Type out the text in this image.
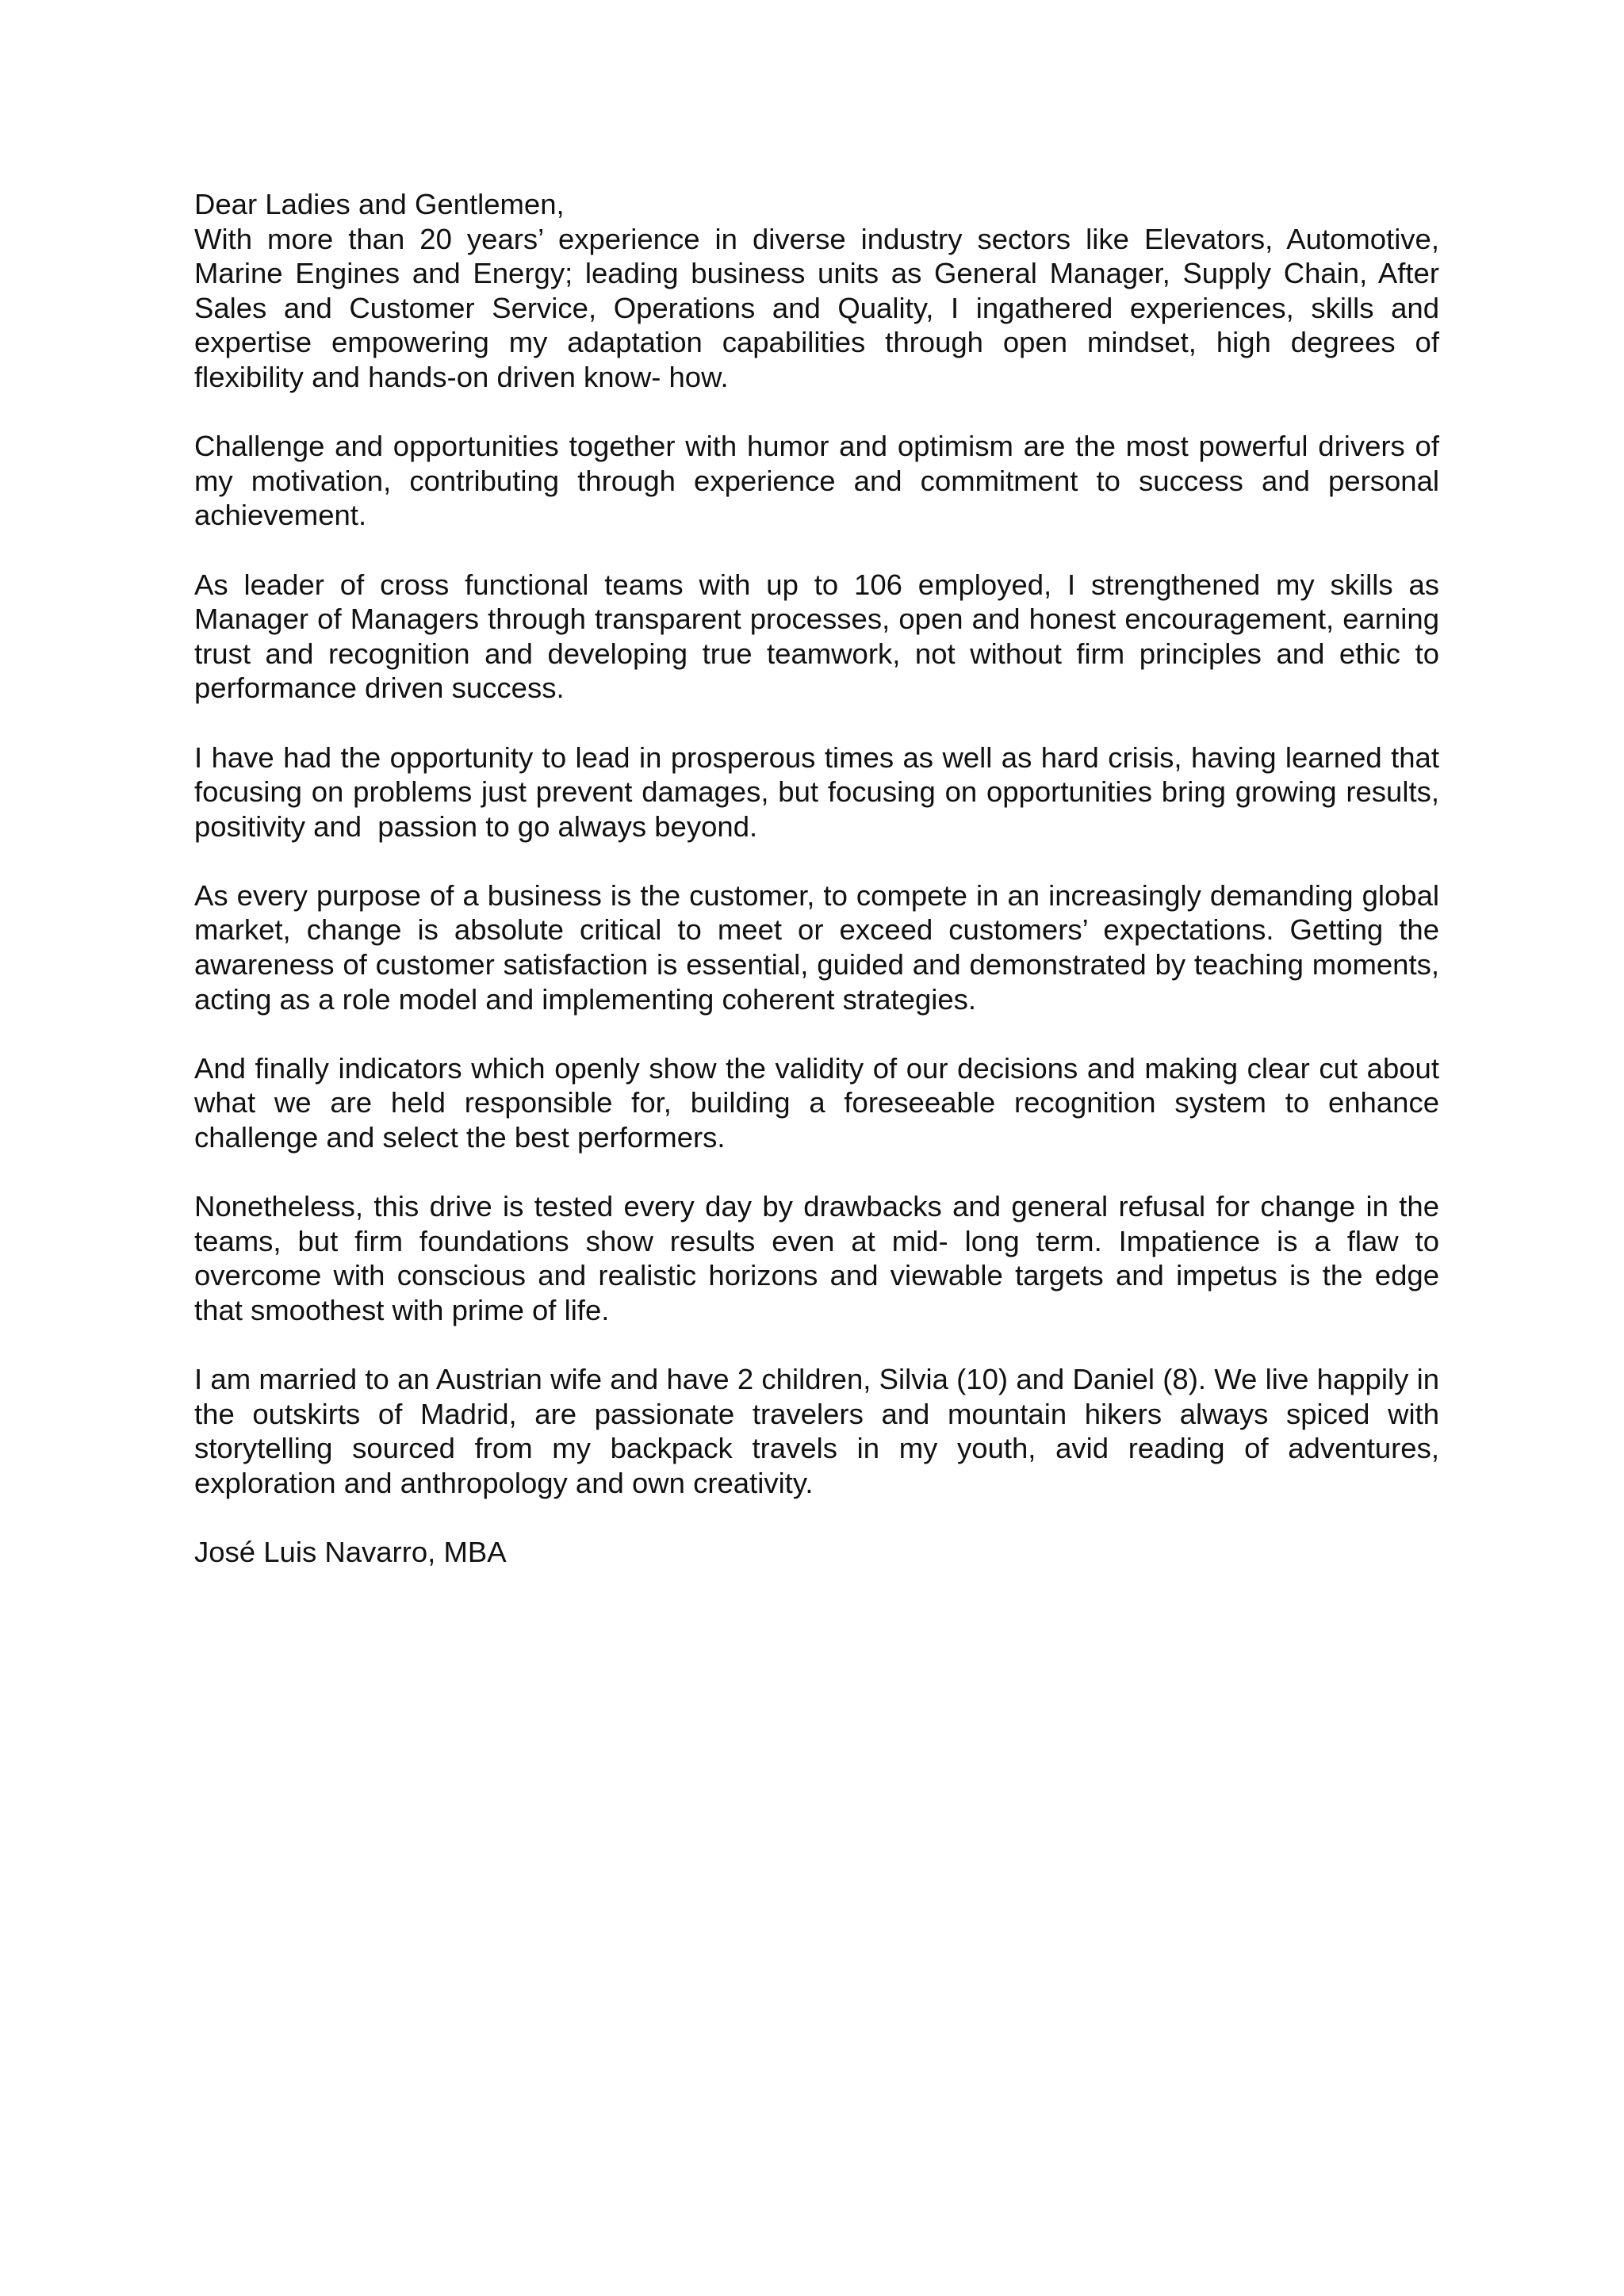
Dear Ladies and Gentlemen,

With more than 20 years’ experience in diverse industry sectors like Elevators, Automotive, Marine Engines and Energy; leading business units as General Manager, Supply Chain, After Sales and Customer Service, Operations and Quality, I ingathered experiences, skills and expertise empowering my adaptation capabilities through open mindset, high degrees of flexibility and hands-on driven know- how.

Challenge and opportunities together with humor and optimism are the most powerful drivers of my motivation, contributing through experience and commitment to success and personal achievement.

As leader of cross functional teams with up to 106 employed, I strengthened my skills as Manager of Managers through transparent processes, open and honest encouragement, earning trust and recognition and developing true teamwork, not without firm principles and ethic to performance driven success.

I have had the opportunity to lead in prosperous times as well as hard crisis, having learned that focusing on problems just prevent damages, but focusing on opportunities bring growing results, positivity and  passion to go always beyond.

As every purpose of a business is the customer, to compete in an increasingly demanding global market, change is absolute critical to meet or exceed customers’ expectations. Getting the awareness of customer satisfaction is essential, guided and demonstrated by teaching moments, acting as a role model and implementing coherent strategies.

And finally indicators which openly show the validity of our decisions and making clear cut about what we are held responsible for, building a foreseeable recognition system to enhance challenge and select the best performers.

Nonetheless, this drive is tested every day by drawbacks and general refusal for change in the teams, but firm foundations show results even at mid- long term. Impatience is a flaw to overcome with conscious and realistic horizons and viewable targets and impetus is the edge that smoothest with prime of life.

I am married to an Austrian wife and have 2 children, Silvia (10) and Daniel (8). We live happily in the outskirts of Madrid, are passionate travelers and mountain hikers always spiced with storytelling sourced from my backpack travels in my youth, avid reading of adventures, exploration and anthropology and own creativity.

José Luis Navarro, MBA
